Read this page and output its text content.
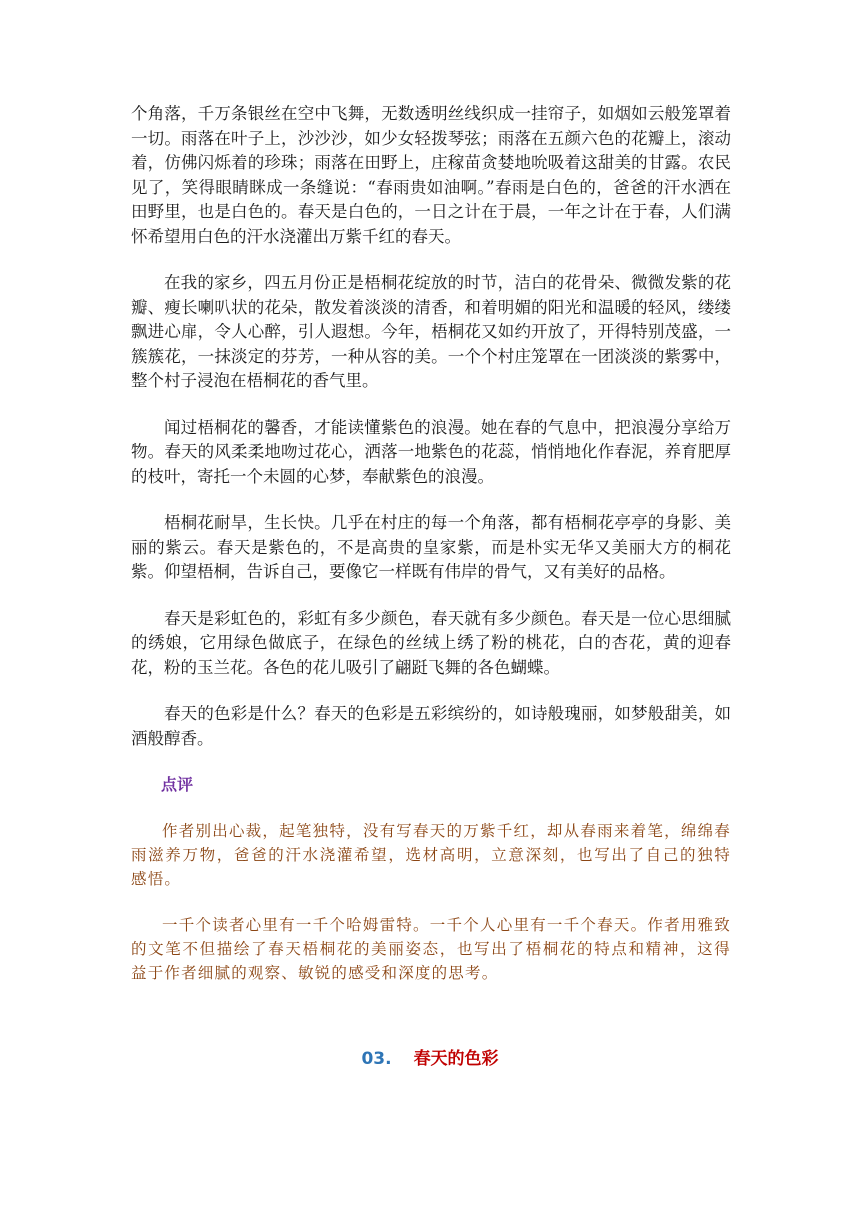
个角落，千万条银丝在空中飞舞，无数透明丝线织成一挂帘子，如烟如云般笼罩着一切。雨落在叶子上，沙沙沙，如少女轻拨琴弦；雨落在五颜六色的花瓣上，滚动着，仿佛闪烁着的珍珠；雨落在田野上，庄稼苗贪婪地吮吸着这甜美的甘露。农民见了，笑得眼睛眯成一条缝说：“春雨贵如油啊。”春雨是白色的，爸爸的汗水洒在田野里，也是白色的。春天是白色的，一日之计在于晨，一年之计在于春，人们满怀希望用白色的汗水浇灌出万紫千红的春天。

在我的家乡，四五月份正是梧桐花绽放的时节，洁白的花骨朵、微微发紫的花瓣、瘦长喇叭状的花朵，散发着淡淡的清香，和着明媚的阳光和温暖的轻风，缕缕飘进心扉，令人心醉，引人遐想。今年，梧桐花又如约开放了，开得特别茂盛，一簇簇花，一抹淡定的芬芳，一种从容的美。一个个村庄笼罩在一团淡淡的紫雾中，整个村子浸泡在梧桐花的香气里。

闻过梧桐花的馨香，才能读懂紫色的浪漫。她在春的气息中，把浪漫分享给万物。春天的风柔柔地吻过花心，洒落一地紫色的花蕊，悄悄地化作春泥，养育肥厚的枝叶，寄托一个未圆的心梦，奉献紫色的浪漫。

梧桐花耐旱，生长快。几乎在村庄的每一个角落，都有梧桐花亭亭的身影、美丽的紫云。春天是紫色的，不是高贵的皇家紫，而是朴实无华又美丽大方的桐花紫。仰望梧桐，告诉自己，要像它一样既有伟岸的骨气，又有美好的品格。

春天是彩虹色的，彩虹有多少颜色，春天就有多少颜色。春天是一位心思细腻的绣娘，它用绿色做底子，在绿色的丝绒上绣了粉的桃花，白的杏花，黄的迎春花，粉的玉兰花。各色的花儿吸引了翩跹飞舞的各色蝴蝶。

春天的色彩是什么？春天的色彩是五彩缤纷的，如诗般瑰丽，如梦般甜美，如酒般醇香。

点评

作者别出心裁，起笔独特，没有写春天的万紫千红，却从春雨来着笔，绵绵春雨滋养万物，爸爸的汗水浇灌希望，选材高明，立意深刻，也写出了自己的独特感悟。

一千个读者心里有一千个哈姆雷特。一千个人心里有一千个春天。作者用雅致的文笔不但描绘了春天梧桐花的美丽姿态，也写出了梧桐花的特点和精神，这得益于作者细腻的观察、敏锐的感受和深度的思考。

03. 春天的色彩
